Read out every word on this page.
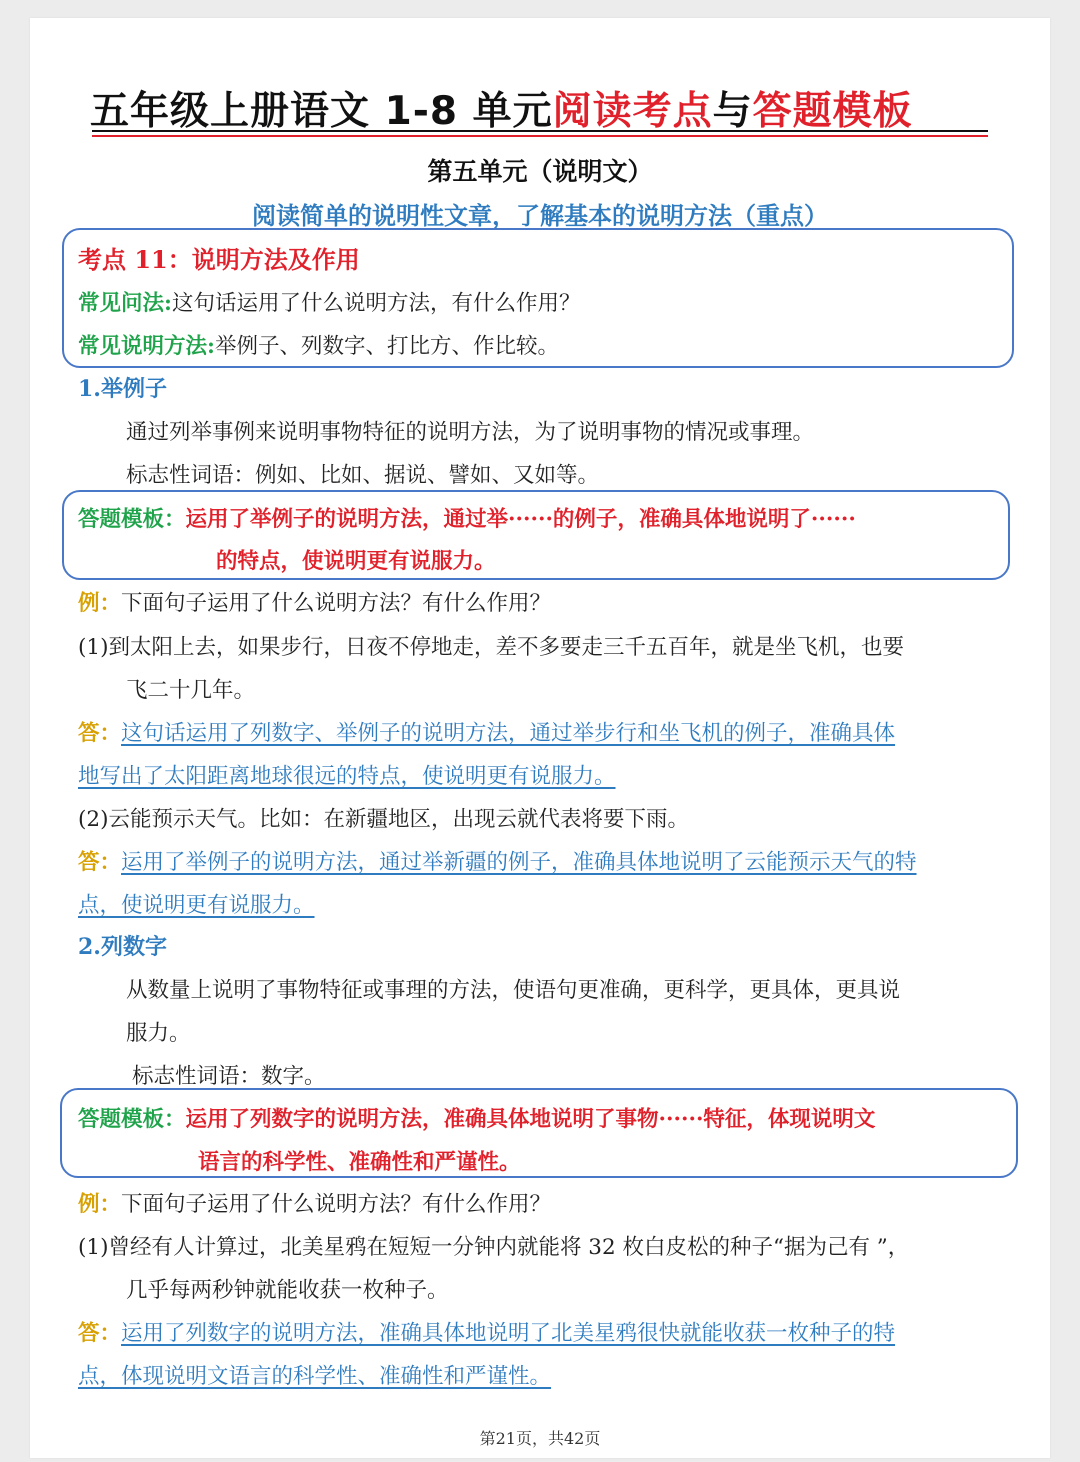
五年级上册语文 1-8 单元阅读考点与答题模板
第五单元（说明文）
阅读简单的说明性文章，了解基本的说明方法（重点）
考点 11：说明方法及作用
常见问法:这句话运用了什么说明方法，有什么作用？
常见说明方法:举例子、列数字、打比方、作比较。
1.举例子
通过列举事例来说明事物特征的说明方法，为了说明事物的情况或事理。
标志性词语：例如、比如、据说、譬如、又如等。
答题模板：运用了举例子的说明方法，通过举······的例子，准确具体地说明了······
的特点，使说明更有说服力。
例：下面句子运用了什么说明方法？有什么作用？
(1)到太阳上去，如果步行，日夜不停地走，差不多要走三千五百年，就是坐飞机，也要
飞二十几年。
答：这句话运用了列数字、举例子的说明方法，通过举步行和坐飞机的例子，准确具体
地写出了太阳距离地球很远的特点，使说明更有说服力。
(2)云能预示天气。比如：在新疆地区，出现云就代表将要下雨。
答：运用了举例子的说明方法，通过举新疆的例子，准确具体地说明了云能预示天气的特
点，使说明更有说服力。
2.列数字
从数量上说明了事物特征或事理的方法，使语句更准确，更科学，更具体，更具说
服力。
标志性词语：数字。
答题模板：运用了列数字的说明方法，准确具体地说明了事物······特征，体现说明文
语言的科学性、准确性和严谨性。
例：下面句子运用了什么说明方法？有什么作用？
(1)曾经有人计算过，北美星鸦在短短一分钟内就能将 32 枚白皮松的种子“据为己有 ”，
几乎每两秒钟就能收获一枚种子。
答：运用了列数字的说明方法，准确具体地说明了北美星鸦很快就能收获一枚种子的特
点，体现说明文语言的科学性、准确性和严谨性。
第21页，共42页
